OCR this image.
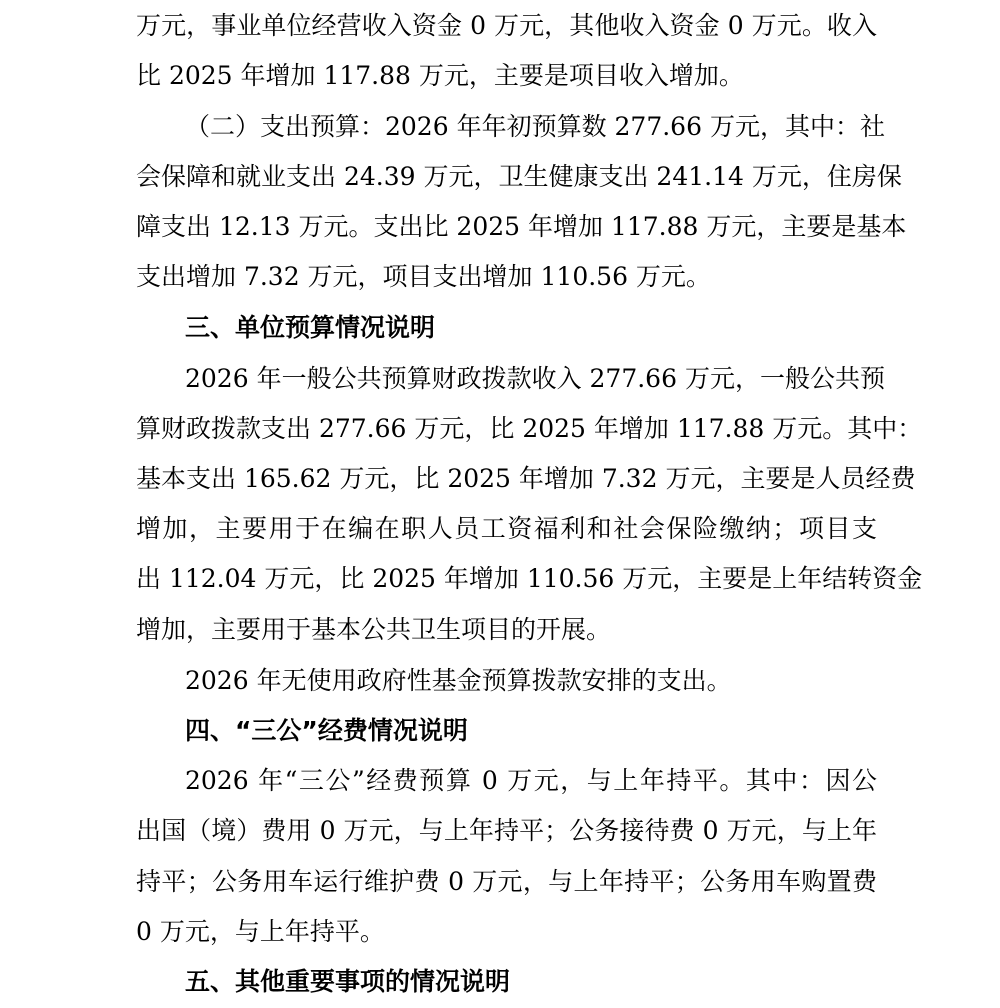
万元，事业单位经营收入资金 0 万元，其他收入资金 0 万元。收入
比 2025 年增加 117.88 万元，主要是项目收入增加。
（二）支出预算：2026 年年初预算数 277.66 万元，其中：社
会保障和就业支出 24.39 万元，卫生健康支出 241.14 万元，住房保
障支出 12.13 万元。支出比 2025 年增加 117.88 万元，主要是基本
支出增加 7.32 万元，项目支出增加 110.56 万元。
三、单位预算情况说明
2026 年一般公共预算财政拨款收入 277.66 万元，一般公共预
算财政拨款支出 277.66 万元，比 2025 年增加 117.88 万元。其中：
基本支出 165.62 万元，比 2025 年增加 7.32 万元，主要是人员经费
增加，主要用于在编在职人员工资福利和社会保险缴纳；项目支
出 112.04 万元，比 2025 年增加 110.56 万元，主要是上年结转资金
增加，主要用于基本公共卫生项目的开展。
2026 年无使用政府性基金预算拨款安排的支出。
四、“三公”经费情况说明
2026 年“三公”经费预算 0 万元，与上年持平。其中：因公
出国（境）费用 0 万元，与上年持平；公务接待费 0 万元，与上年
持平；公务用车运行维护费 0 万元，与上年持平；公务用车购置费
0 万元，与上年持平。
五、其他重要事项的情况说明
